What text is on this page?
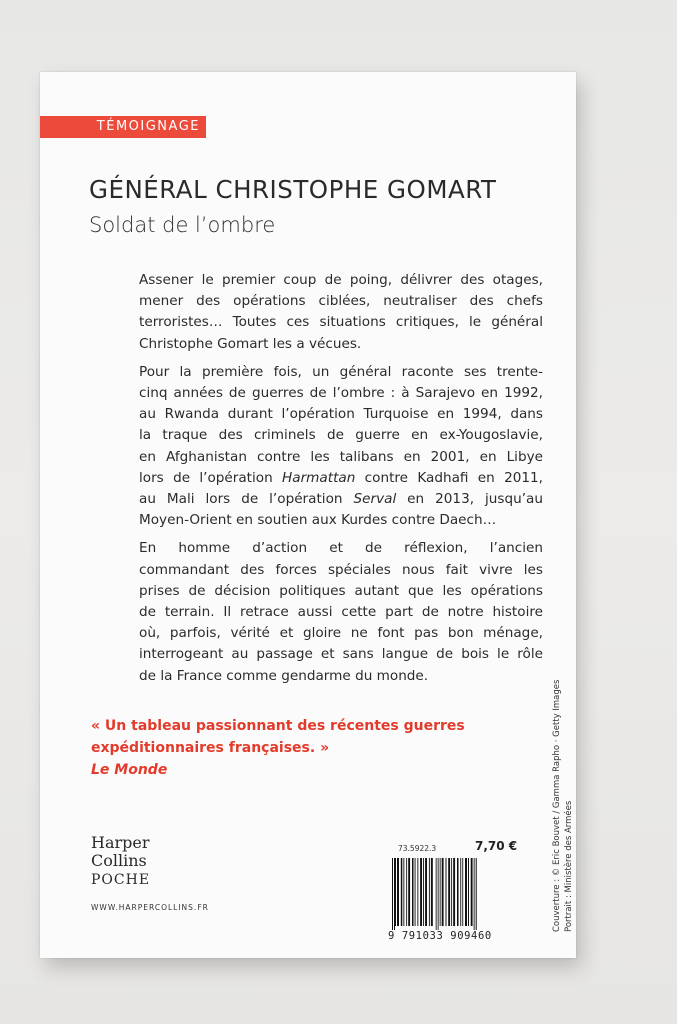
TÉMOIGNAGE
GÉNÉRAL CHRISTOPHE GOMART
Soldat de l’ombre

Assener le premier coup de poing, délivrer des otages,
mener des opérations ciblées, neutraliser des chefs
terroristes… Toutes ces situations critiques, le général
Christophe Gomart les a vécues.

Pour la première fois, un général raconte ses trente-
cinq années de guerres de l’ombre : à Sarajevo en 1992,
au Rwanda durant l’opération Turquoise en 1994, dans
la traque des criminels de guerre en ex-Yougoslavie,
en Afghanistan contre les talibans en 2001, en Libye
lors de l’opération Harmattan contre Kadhafi en 2011,
au Mali lors de l’opération Serval en 2013, jusqu’au
Moyen-Orient en soutien aux Kurdes contre Daech…

En homme d’action et de réflexion, l’ancien
commandant des forces spéciales nous fait vivre les
prises de décision politiques autant que les opérations
de terrain. Il retrace aussi cette part de notre histoire
où, parfois, vérité et gloire ne font pas bon ménage,
interrogeant au passage et sans langue de bois le rôle
de la France comme gendarme du monde.

« Un tableau passionnant des récentes guerres
expéditionnaires françaises. »
Le Monde
Harper
Collins
POCHE
WWW.HARPERCOLLINS.FR
73.5922.3	7,70 €
9 791033 909460
Couverture : © Eric Bouvet / Gamma Rapho · Getty Images Portrait : Ministère des Armées
